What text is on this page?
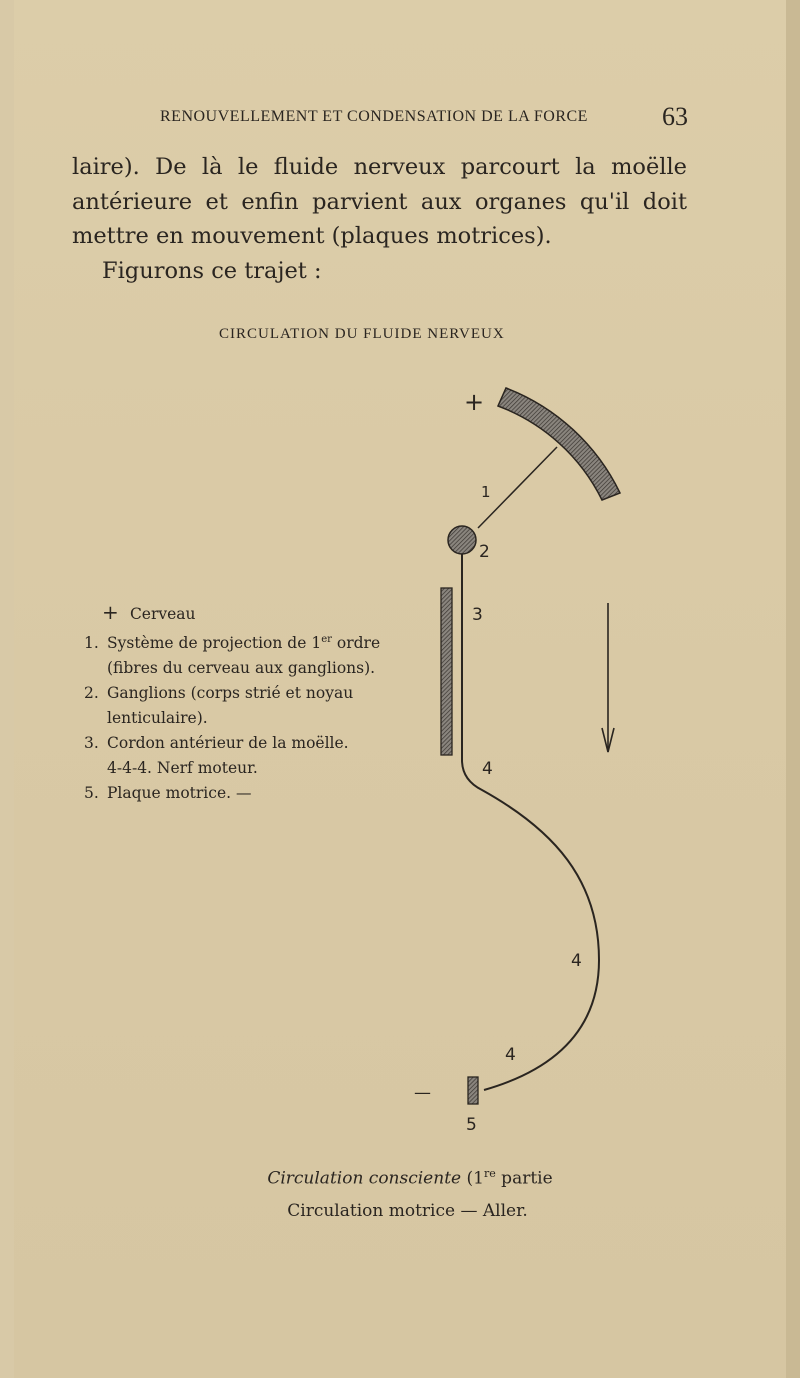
RENOUVELLEMENT ET CONDENSATION DE LA FORCE	63

laire). De là le fluide nerveux parcourt la moëlle antérieure et enfin parvient aux organes qu'il doit mettre en mouvement (plaques motrices).

Figurons ce trajet :

CIRCULATION DU FLUIDE NERVEUX
+
1
2
3
4
4
4
—
5
+ Cerveau
1. Système de projection de 1er ordre
(fibres du cerveau aux ganglions).
2. Ganglions (corps strié et noyau
lenticulaire).
3. Cordon antérieur de la moëlle.
4-4-4. Nerf moteur.
5. Plaque motrice. —
Circulation consciente (1re partie
Circulation motrice — Aller.
